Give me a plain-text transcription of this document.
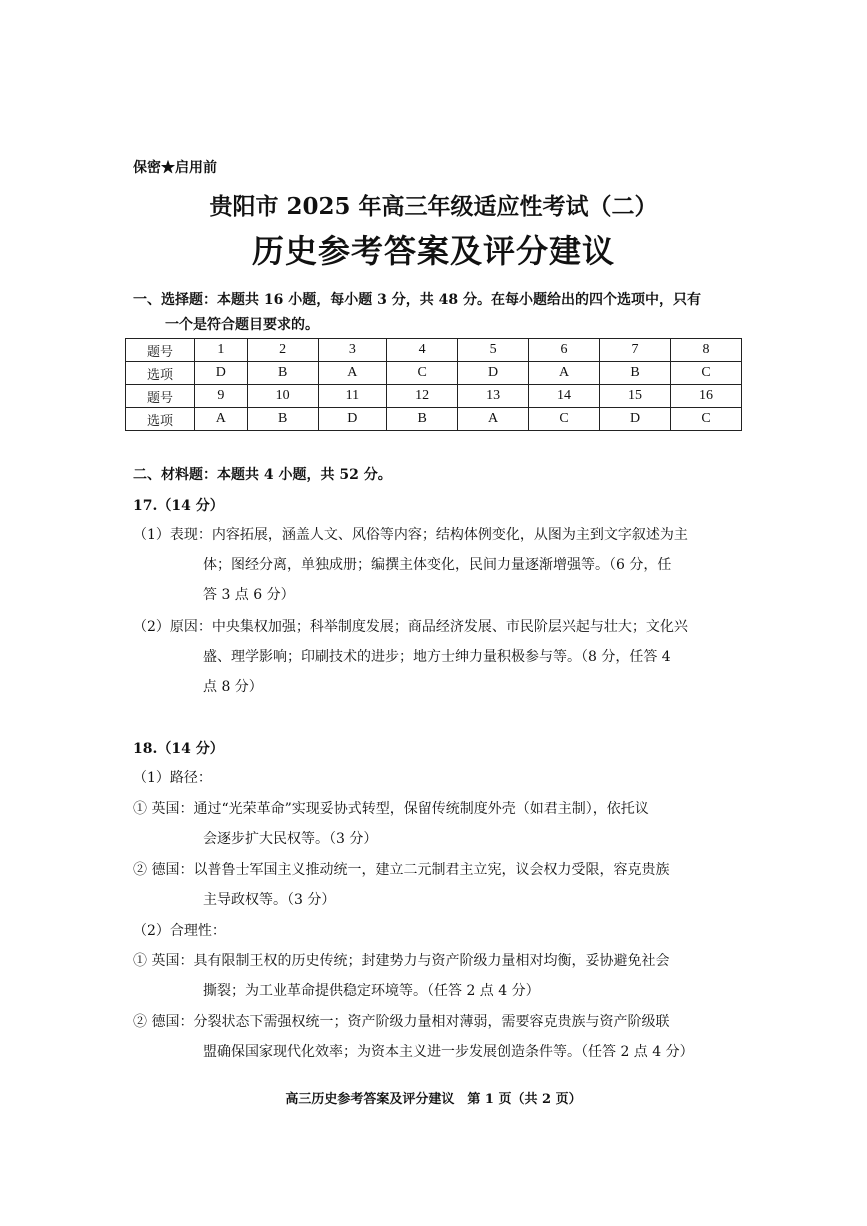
保密★启用前
贵阳市 2025 年高三年级适应性考试（二）
历史参考答案及评分建议
一、选择题：本题共 16 小题，每小题 3 分，共 48 分。在每小题给出的四个选项中，只有
一个是符合题目要求的。
题号	1	2	3	4	5	6	7	8
选项	D	B	A	C	D	A	B	C
题号	9	10	11	12	13	14	15	16
选项	A	B	D	B	A	C	D	C
二、材料题：本题共 4 小题，共 52 分。
17.（14 分）
（1）表现：内容拓展，涵盖人文、风俗等内容；结构体例变化，从图为主到文字叙述为主
体；图经分离，单独成册；编撰主体变化，民间力量逐渐增强等。（6 分，任
答 3 点 6 分）
（2）原因：中央集权加强；科举制度发展；商品经济发展、市民阶层兴起与壮大；文化兴
盛、理学影响；印刷技术的进步；地方士绅力量积极参与等。（8 分，任答 4
点 8 分）
18.（14 分）
（1）路径：
① 英国：通过“光荣革命”实现妥协式转型，保留传统制度外壳（如君主制），依托议
会逐步扩大民权等。（3 分）
② 德国：以普鲁士军国主义推动统一，建立二元制君主立宪，议会权力受限，容克贵族
主导政权等。（3 分）
（2）合理性：
① 英国：具有限制王权的历史传统；封建势力与资产阶级力量相对均衡，妥协避免社会
撕裂；为工业革命提供稳定环境等。（任答 2 点 4 分）
② 德国：分裂状态下需强权统一；资产阶级力量相对薄弱，需要容克贵族与资产阶级联
盟确保国家现代化效率；为资本主义进一步发展创造条件等。（任答 2 点 4 分）
高三历史参考答案及评分建议　第 1 页（共 2 页）
